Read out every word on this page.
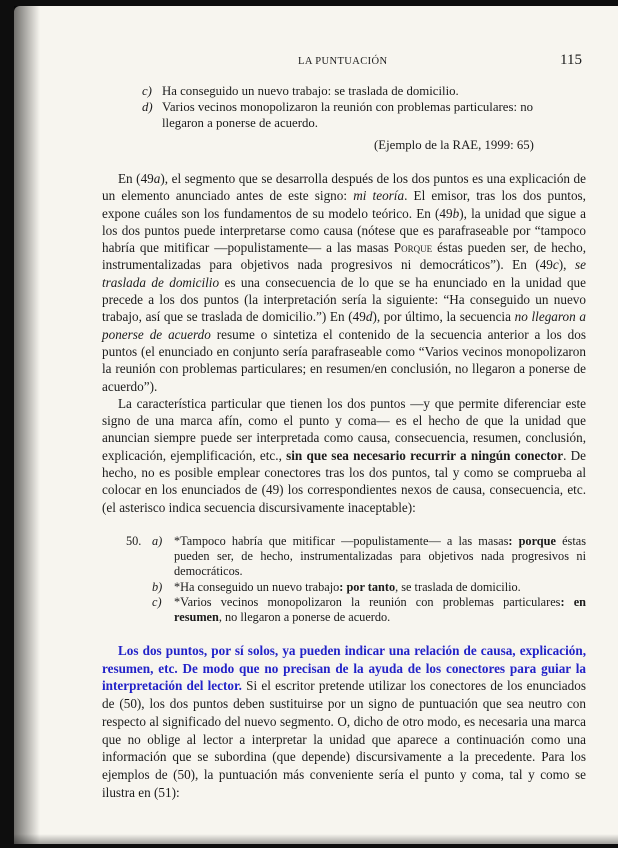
LA PUNTUACIÓN	115
c) Ha conseguido un nuevo trabajo: se traslada de domicilio.
d) Varios vecinos monopolizaron la reunión con problemas particulares: no
llegaron a ponerse de acuerdo.
(Ejemplo de la RAE, 1999: 65)

En (49a), el segmento que se desarrolla después de los dos puntos es una explicación de un elemento anunciado antes de este signo: mi teoría. El emisor, tras los dos puntos, expone cuáles son los fundamentos de su modelo teórico. En (49b), la unidad que sigue a los dos puntos puede interpretarse como causa (nótese que es parafraseable por “tampoco habría que mitificar —populistamente— a las masas Porque éstas pueden ser, de hecho, instrumentalizadas para objetivos nada progresivos ni democráticos”). En (49c), se traslada de domicilio es una consecuencia de lo que se ha enunciado en la unidad que precede a los dos puntos (la interpretación sería la siguiente: “Ha conseguido un nuevo trabajo, así que se traslada de domicilio.”) En (49d), por último, la secuencia no llegaron a ponerse de acuerdo resume o sintetiza el contenido de la secuencia anterior a los dos puntos (el enunciado en conjunto sería parafraseable como “Varios vecinos monopolizaron la reunión con problemas particulares; en resumen/en conclusión, no llegaron a ponerse de acuerdo”).

La característica particular que tienen los dos puntos —y que permite diferenciar este signo de una marca afín, como el punto y coma— es el hecho de que la unidad que anuncian siempre puede ser interpretada como causa, consecuencia, resumen, conclusión, explicación, ejemplificación, etc., sin que sea necesario recurrir a ningún conector. De hecho, no es posible emplear conectores tras los dos puntos, tal y como se comprueba al colocar en los enunciados de (49) los correspondientes nexos de causa, consecuencia, etc. (el asterisco indica secuencia discursivamente inaceptable):

50. a) *Tampoco habría que mitificar —populistamente— a las masas: porque éstas pueden ser, de hecho, instrumentalizadas para objetivos nada progresivos ni democráticos.
b) *Ha conseguido un nuevo trabajo: por tanto, se traslada de domicilio.
c) *Varios vecinos monopolizaron la reunión con problemas particulares: en resumen, no llegaron a ponerse de acuerdo.

Los dos puntos, por sí solos, ya pueden indicar una relación de causa, explicación, resumen, etc. De modo que no precisan de la ayuda de los conectores para guiar la interpretación del lector. Si el escritor pretende utilizar los conectores de los enunciados de (50), los dos puntos deben sustituirse por un signo de puntuación que sea neutro con respecto al significado del nuevo segmento. O, dicho de otro modo, es necesaria una marca que no oblige al lector a interpretar la unidad que aparece a continuación como una información que se subordina (que depende) discursivamente a la precedente. Para los ejemplos de (50), la puntuación más conveniente sería el punto y coma, tal y como se ilustra en (51):
